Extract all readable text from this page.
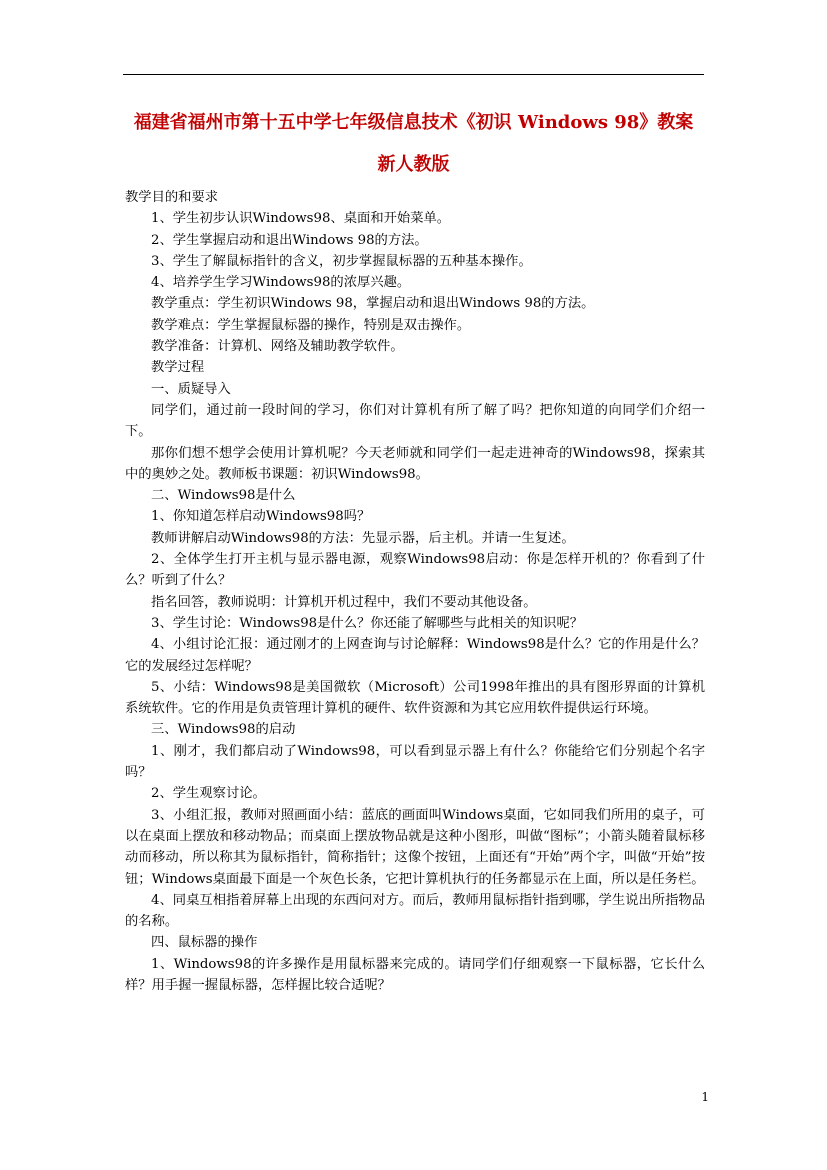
福建省福州市第十五中学七年级信息技术《初识 Windows 98》教案
新人教版

教学目的和要求

1、学生初步认识Windows98、桌面和开始菜单。

2、学生掌握启动和退出Windows 98的方法。

3、学生了解鼠标指针的含义，初步掌握鼠标器的五种基本操作。

4、培养学生学习Windows98的浓厚兴趣。

教学重点：学生初识Windows 98，掌握启动和退出Windows 98的方法。

教学难点：学生掌握鼠标器的操作，特别是双击操作。

教学准备：计算机、网络及辅助教学软件。

教学过程

一、质疑导入

同学们，通过前一段时间的学习，你们对计算机有所了解了吗？把你知道的向同学们介绍一下。

那你们想不想学会使用计算机呢？今天老师就和同学们一起走进神奇的Windows98，探索其中的奥妙之处。教师板书课题：初识Windows98。

二、Windows98是什么

1、你知道怎样启动Windows98吗？

教师讲解启动Windows98的方法：先显示器，后主机。并请一生复述。

2、全体学生打开主机与显示器电源，观察Windows98启动：你是怎样开机的？你看到了什么？听到了什么？

指名回答，教师说明：计算机开机过程中，我们不要动其他设备。

3、学生讨论：Windows98是什么？你还能了解哪些与此相关的知识呢？

4、小组讨论汇报：通过刚才的上网查询与讨论解释：Windows98是什么？它的作用是什么？它的发展经过怎样呢？

5、小结：Windows98是美国微软（Microsoft）公司1998年推出的具有图形界面的计算机系统软件。它的作用是负责管理计算机的硬件、软件资源和为其它应用软件提供运行环境。

三、Windows98的启动

1、刚才，我们都启动了Windows98，可以看到显示器上有什么？你能给它们分别起个名字吗？

2、学生观察讨论。

3、小组汇报，教师对照画面小结：蓝底的画面叫Windows桌面，它如同我们所用的桌子，可以在桌面上摆放和移动物品；而桌面上摆放物品就是这种小图形，叫做“图标”；小箭头随着鼠标移动而移动，所以称其为鼠标指针，简称指针；这像个按钮，上面还有“开始”两个字，叫做“开始”按钮；Windows桌面最下面是一个灰色长条，它把计算机执行的任务都显示在上面，所以是任务栏。

4、同桌互相指着屏幕上出现的东西问对方。而后，教师用鼠标指针指到哪，学生说出所指物品的名称。

四、鼠标器的操作

1、Windows98的许多操作是用鼠标器来完成的。请同学们仔细观察一下鼠标器，它长什么样？用手握一握鼠标器，怎样握比较合适呢？

1
